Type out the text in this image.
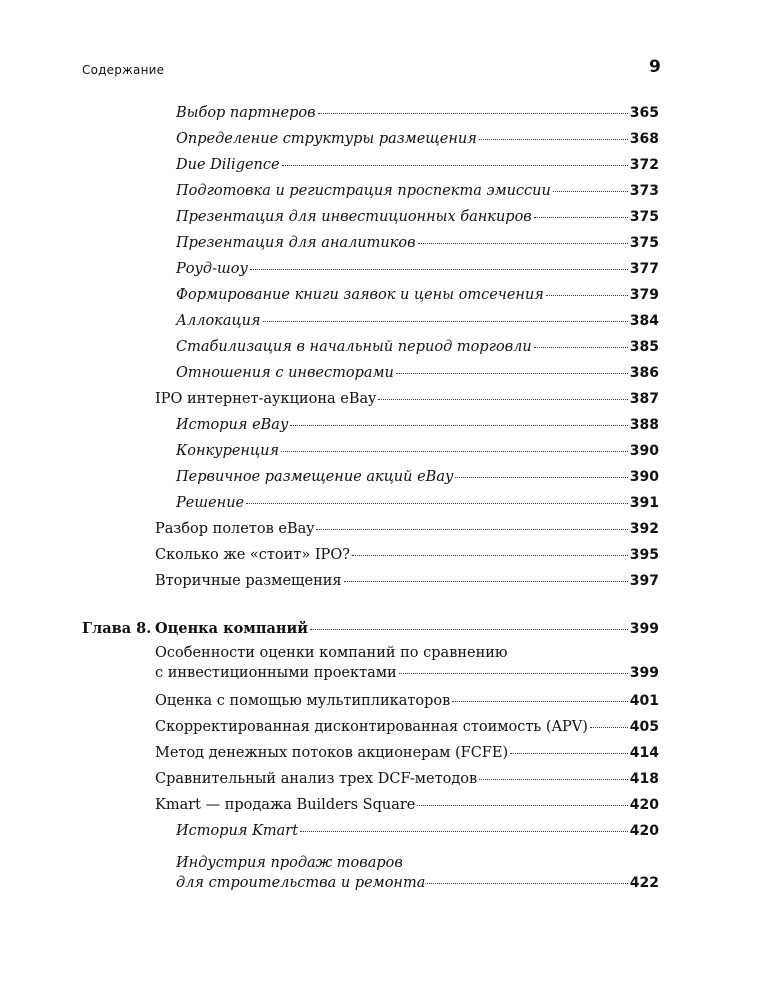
Содержание	9
Выбор партнеров	365
Определение структуры размещения	368
Due Diligence	372
Подготовка и регистрация проспекта эмиссии	373
Презентация для инвестиционных банкиров	375
Презентация для аналитиков	375
Роуд-шоу	377
Формирование книги заявок и цены отсечения	379
Аллокация	384
Стабилизация в начальный период торговли	385
Отношения с инвесторами	386
IPO интернет-аукциона eBay	387
История eBay	388
Конкуренция	390
Первичное размещение акций eBay	390
Решение	391
Разбор полетов eBay	392
Сколько же «стоит» IPO?	395
Вторичные размещения	397
Глава 8. Оценка компаний	399
Особенности оценки компаний по сравнению
с инвестиционными проектами	399
Оценка с помощью мультипликаторов	401
Скорректированная дисконтированная стоимость (APV)	405
Метод денежных потоков акционерам (FCFE)	414
Сравнительный анализ трех DCF-методов	418
Kmart — продажа Builders Square	420
История Kmart	420
Индустрия продаж товаров
для строительства и ремонта	422
